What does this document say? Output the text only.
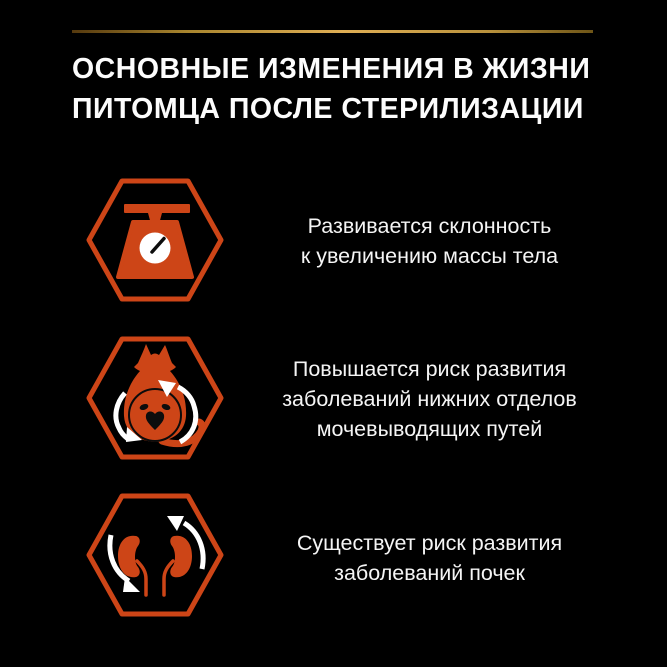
ОСНОВНЫЕ ИЗМЕНЕНИЯ В ЖИЗНИ
ПИТОМЦА ПОСЛЕ СТЕРИЛИЗАЦИИ
Развивается склонность
к увеличению массы тела
Повышается риск развития
заболеваний нижних отделов
мочевыводящих путей
Существует риск развития
заболеваний почек
